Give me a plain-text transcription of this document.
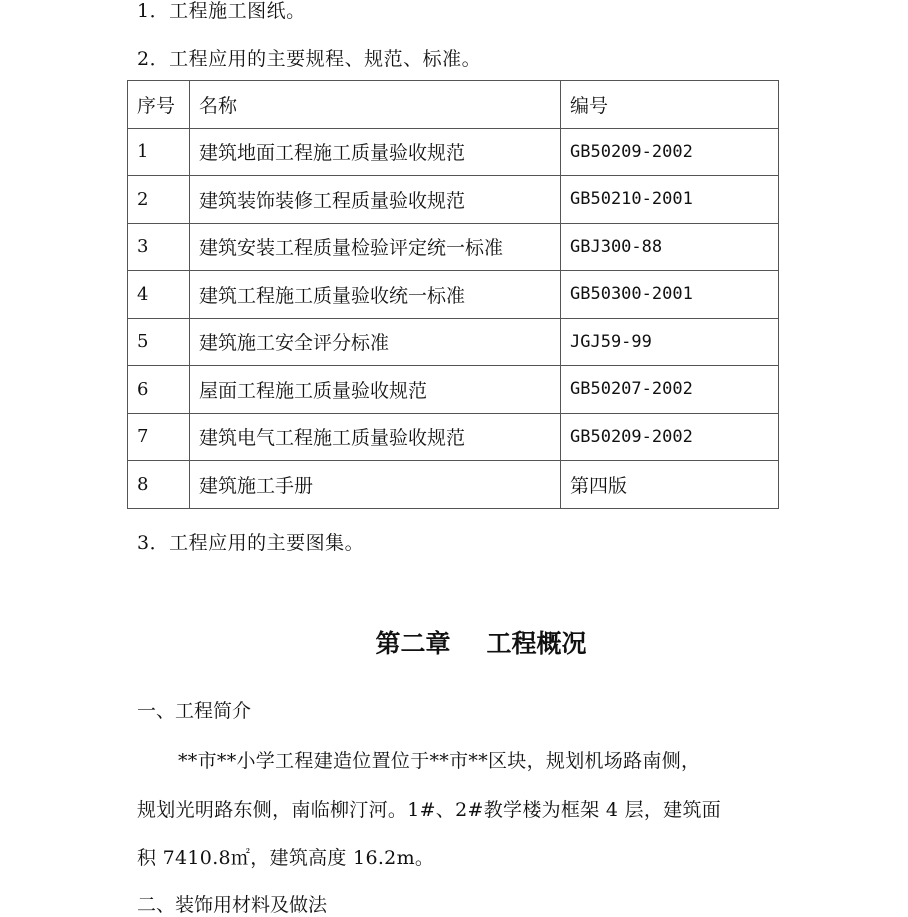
1．工程施工图纸。
2．工程应用的主要规程、规范、标准。
序号	名称	编号
1	建筑地面工程施工质量验收规范	GB50209-2002
2	建筑装饰装修工程质量验收规范	GB50210-2001
3	建筑安装工程质量检验评定统一标准	GBJ300-88
4	建筑工程施工质量验收统一标准	GB50300-2001
5	建筑施工安全评分标准	JGJ59-99
6	屋面工程施工质量验收规范	GB50207-2002
7	建筑电气工程施工质量验收规范	GB50209-2002
8	建筑施工手册	第四版
3．工程应用的主要图集。
第二章 工程概况
一、工程简介
**市**小学工程建造位置位于**市**区块，规划机场路南侧，
规划光明路东侧，南临柳汀河。1#、2#教学楼为框架 4 层，建筑面
积 7410.8㎡，建筑高度 16.2m。
二、装饰用材料及做法
